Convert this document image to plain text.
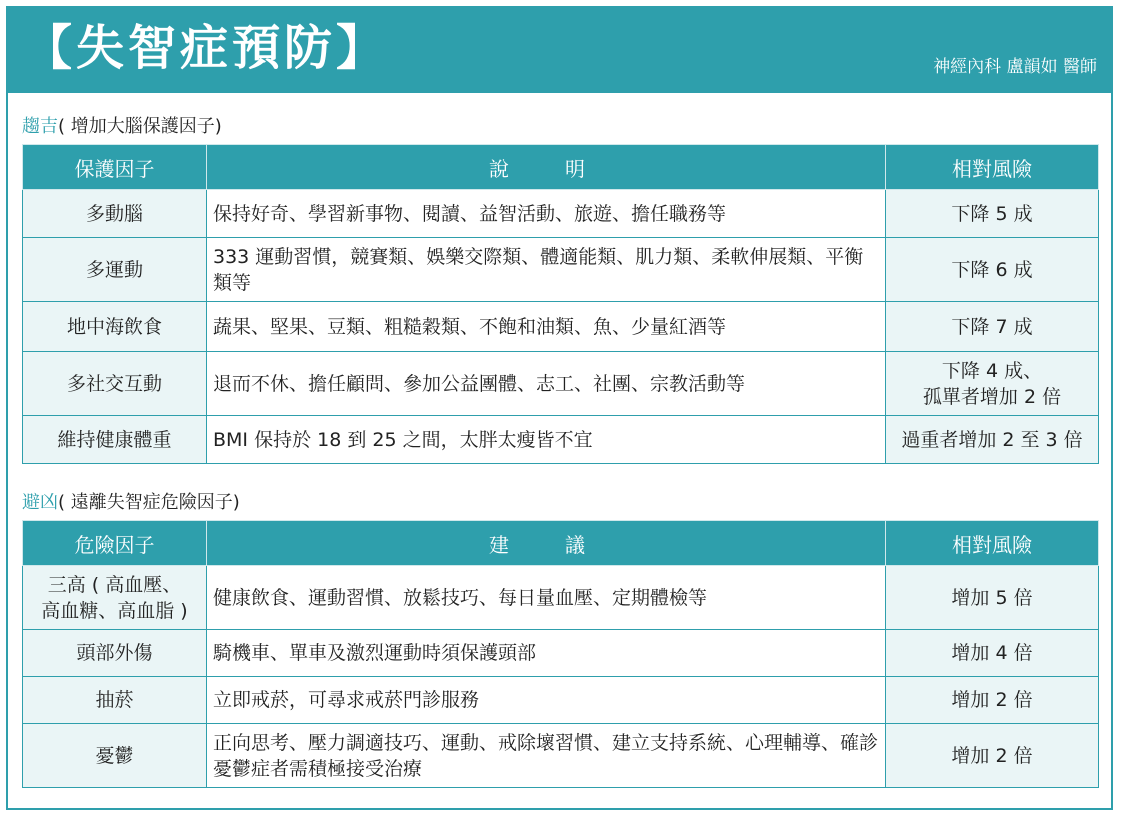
【失智症預防】	神經內科 盧韻如 醫師
趨吉( 增加大腦保護因子)
保護因子	說　明	相對風險
多動腦	保持好奇、學習新事物、閱讀、益智活動、旅遊、擔任職務等	下降 5 成
多運動	333 運動習慣，競賽類、娛樂交際類、體適能類、肌力類、柔軟伸展類、平衡類等	下降 6 成
地中海飲食	蔬果、堅果、豆類、粗糙穀類、不飽和油類、魚、少量紅酒等	下降 7 成
多社交互動	退而不休、擔任顧問、參加公益團體、志工、社團、宗教活動等	下降 4 成、
孤單者增加 2 倍
維持健康體重	BMI 保持於 18 到 25 之間，太胖太瘦皆不宜	過重者增加 2 至 3 倍
避凶( 遠離失智症危險因子)
危險因子	建　議	相對風險
三高 ( 高血壓、
高血糖、高血脂 )	健康飲食、運動習慣、放鬆技巧、每日量血壓、定期體檢等	增加 5 倍
頭部外傷	騎機車、單車及激烈運動時須保護頭部	增加 4 倍
抽菸	立即戒菸，可尋求戒菸門診服務	增加 2 倍
憂鬱	正向思考、壓力調適技巧、運動、戒除壞習慣、建立支持系統、心理輔導、確診憂鬱症者需積極接受治療	增加 2 倍
